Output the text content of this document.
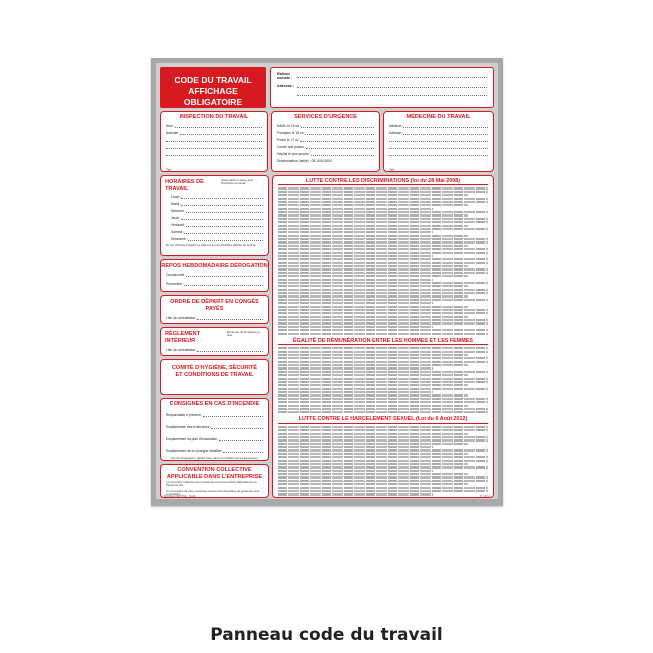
CODE DU TRAVAIL
AFFICHAGE OBLIGATOIRE
Raison sociale :
Adresse :
INSPECTION DU TRAVAIL
Nom :
Adresse :
Tél :
SERVICES D'URGENCE
SAMU le 15 ou :
Pompiers le 18 ou :
Police le 17 ou :
Centre anti-poison :
Hôpital le plus proche :
Discrimination (halde) : 08 1000 5000
MÉDECINE DU TRAVAIL
Médecin :
Adresse :
Tél :
HORAIRES DE TRAVAIL
(Copie datée et signée pour l'inspection du travail)
Lundi :
Mardi :
Mercredi :
Jeudi :
Vendredi :
Samedi :
Dimanche :
En cas d'horaire irrégulier se référer à la note d'horaires affichée en annexe
REPOS HEBDOMADAIRE DÉROGATION
Occasionnel :
Permanent :
ORDRE DE DÉPART EN CONGÉS PAYÉS
Lieu de consultation :
RÈGLEMENT INTÉRIEUR
Entreprise de 20 salariés et plus
Lieu de consultation :
COMITÉ D'HYGIÈNE, SÉCURITÉ
ET CONDITIONS DE TRAVAIL
CONSIGNES EN CAS D'INCENDIE
Responsable à prévenir :
Emplacement des extincteurs :
Emplacement du plan d'évacuation :
Emplacement de la consigne détaillée :
En cas d'évacuation, gardez votre calme et n'utilisez pas les ascenseurs
CONVENTION COLLECTIVE
APPLICABLE DANS L'ENTREPRISE
La convention collective dont l'entreprise est la Convention Nationale pour le Personnel des
Un exemplaire de cette convention est tenu à la disposition du personnel, pour consultation :
LUTTE CONTRE LES DISCRIMINATIONS (loi du 28 Mai 2008)
ÉGALITÉ DE RÉMUNÉRATION ENTRE LES HOMMES ET LES FEMMES
LUTTE CONTRE LE HARCELEMENT SEXUEL (Loi du 6 Août 2012)
MODELE DÉPOSÉ - SG2D	AT 10-12
Panneau code du travail
